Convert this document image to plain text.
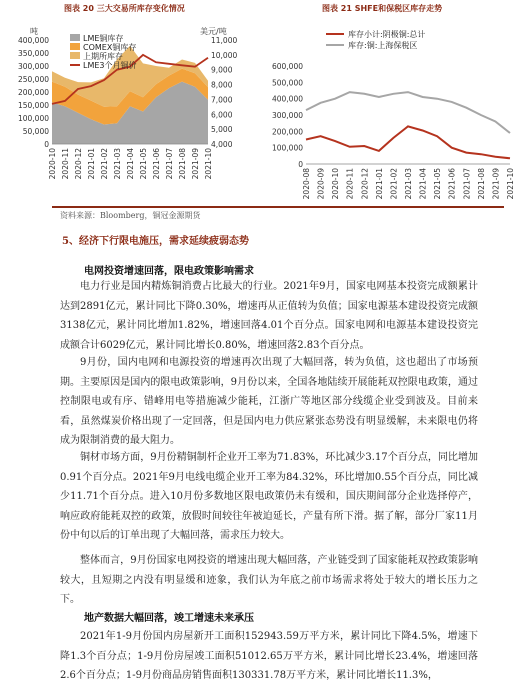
图表 20 三大交易所库存变化情况	图表 21 SHFE和保税区库存走势
吨	美元/吨
0
50,000
100,000
150,000
200,000
250,000
300,000
350,000
400,000
4,000
5,000
6,000
7,000
8,000
9,000
10,000
11,000
2020-10 2020-11 2020-12 2021-01 2021-02 2021-03 2021-04 2021-05 2021-06 2021-07 2021-08 2021-09 2021-10
LME铜库存
COMEX铜库存
上期所库存
LME3个月铜价
0
100,000
200,000
300,000
400,000
500,000
600,000
2020-08 2020-09 2020-10 2020-11 2020-12 2021-01 2021-02 2021-03 2021-04 2021-05 2021-06 2021-07 2021-08 2021-09 2021-10
库存小计:阴极铜:总计
库存:铜:上海保税区
资料来源：Bloomberg，铜冠金源期货
5、经济下行限电施压，需求延续疲弱态势
电网投资增速回落，限电政策影响需求
电力行业是国内精炼铜消费占比最大的行业。2021年9月，国家电网基本投资完成额累计达到2891亿元，累计同比下降0.30%，增速再从正值转为负值；国家电源基本建设投资完成额3138亿元，累计同比增加1.82%，增速回落4.01个百分点。国家电网和电源基本建设投资完成额合计6029亿元，累计同比增长0.80%，增速回落2.83个百分点。
9月份，国内电网和电源投资的增速再次出现了大幅回落，转为负值，这也超出了市场预期。主要原因是国内的限电政策影响，9月份以来，全国各地陆续开展能耗双控限电政策，通过控制限电或有序、错峰用电等措施减少能耗，江浙广等地区部分线缆企业受到波及。目前来看，虽然煤炭价格出现了一定回落，但是国内电力供应紧张态势没有明显缓解，未来限电仍将成为限制消费的最大阻力。
铜材市场方面，9月份精铜制杆企业开工率为71.83%，环比减少3.17个百分点，同比增加0.91个百分点。2021年9月电线电缆企业开工率为84.32%，环比增加0.55个百分点，同比减少11.71个百分点。进入10月份多数地区限电政策仍未有缓和，国庆期间部分企业选择停产，响应政府能耗双控的政策，放假时间较往年被迫延长，产量有所下滑。据了解，部分厂家11月份中旬以后的订单出现了大幅回落，需求压力较大。
整体而言，9月份国家电网投资的增速出现大幅回落，产业链受到了国家能耗双控政策影响较大，且短期之内没有明显缓和迹象，我们认为年底之前市场需求将处于较大的增长压力之下。
地产数据大幅回落，竣工增速未来承压
2021年1-9月份国内房屋新开工面积152943.59万平方米，累计同比下降4.5%，增速下降1.3个百分点；1-9月份房屋竣工面积51012.65万平方米，累计同比增长23.4%，增速回落2.6个百分点；1-9月份商品房销售面积130331.78万平方米，累计同比增长11.3%，
